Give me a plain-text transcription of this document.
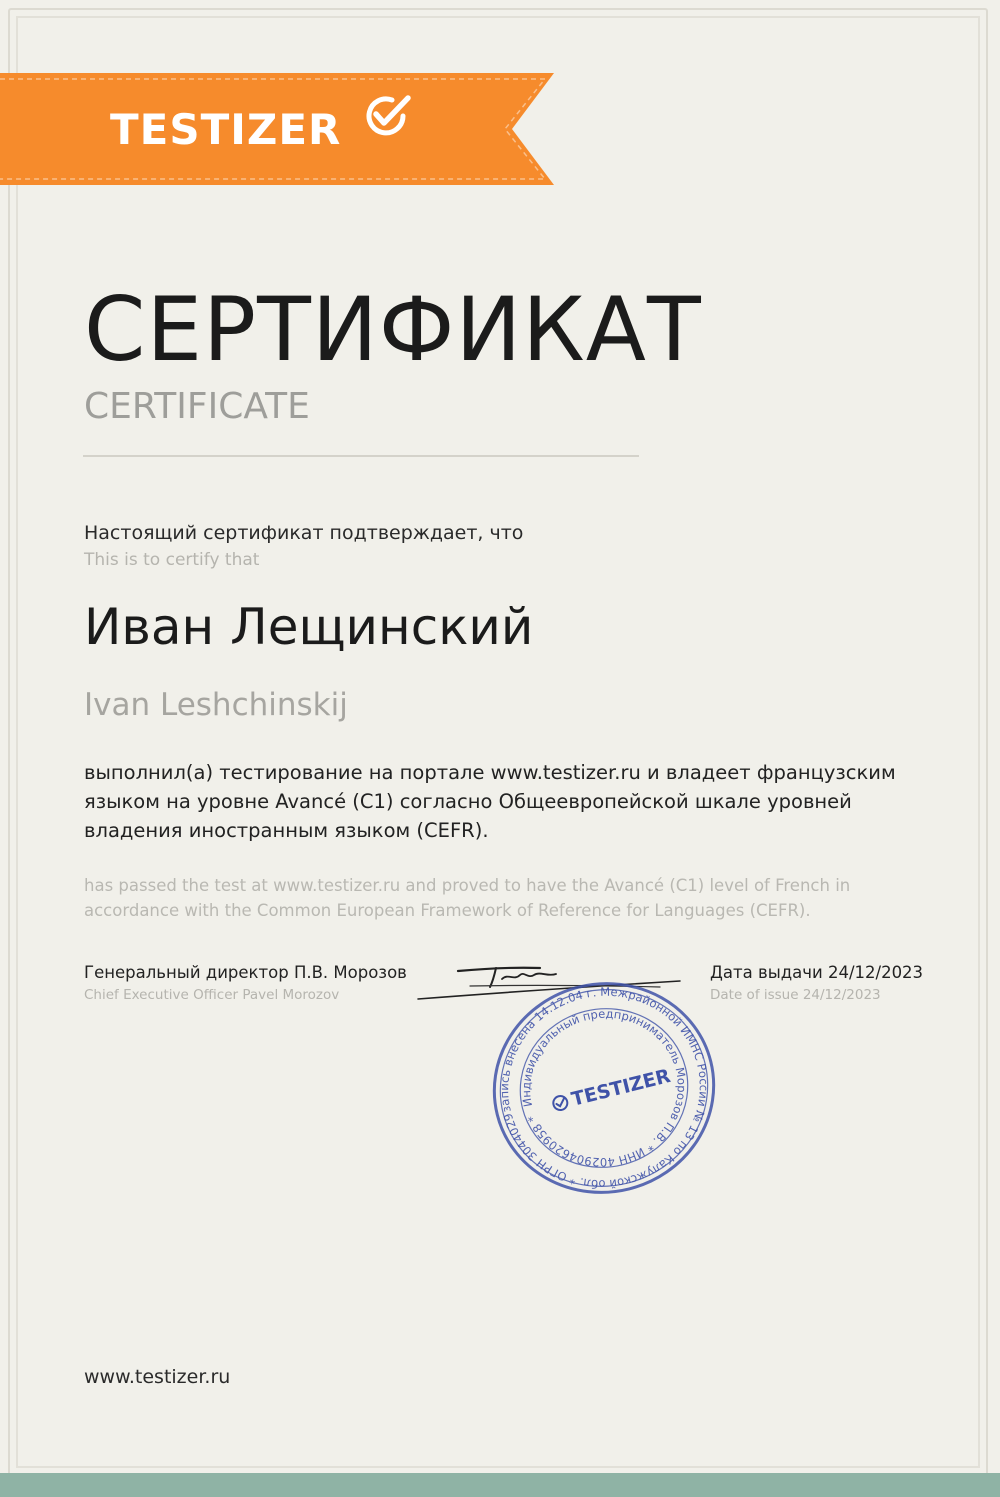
TESTIZER
СЕРТИФИКАТ
CERTIFICATE
Настоящий сертификат подтверждает, что
This is to certify that
Иван Лещинский
Ivan Leshchinskij
выполнил(а) тестирование на портале www.testizer.ru и владеет французским языком на уровне Avancé (C1) согласно Общеевропейской шкале уровней владения иностранным языком (CEFR).
has passed the test at www.testizer.ru and proved to have the Avancé (C1) level of French in accordance with the Common European Framework of Reference for Languages (CEFR).
Генеральный директор П.В. Морозов
Chief Executive Officer Pavel Morozov
Дата выдачи 24/12/2023
Date of issue 24/12/2023
запись внесена 14.12.04 г. Межрайонной ИМНС России № 13 по Калужской обл. * ОГРН 304402934800281
Индивидуальный предприниматель Морозов П.В. * ИНН 402904620958 *
TESTIZER
www.testizer.ru
